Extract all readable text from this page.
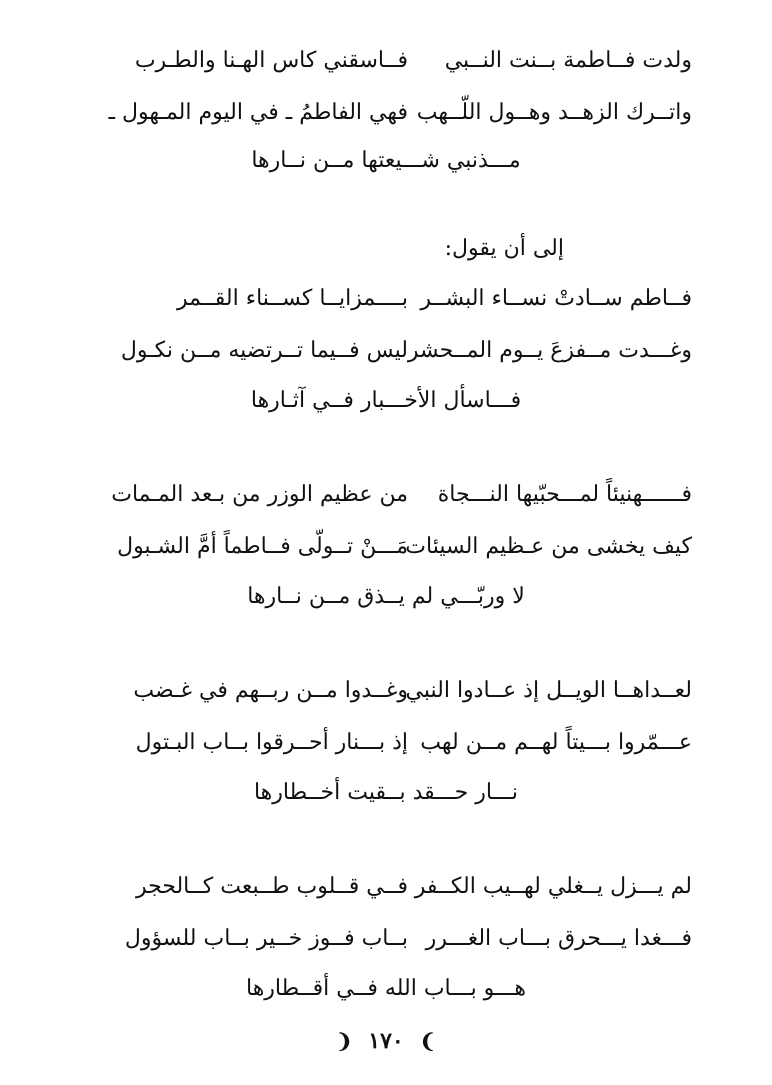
ولدت فــاطمة بــنت النــبي
فــاسقني كاس الهـنا والطـرب
واتــرك الزهــد وهــول اللّــهب
فهي الفاطمُ ـ في اليوم المـهول ـ
مـــذنبي شـــيعتها مــن نــارها
إلى أن يقول:
فــاطم ســادتْ نســاء البشــر
بــــمزايــا كســناء القــمر
وغـــدت مــفزعَ يــوم المــحشر
ليس فــيما تــرتضيه مــن نكـول
فـــاسأل الأخـــبار فــي آثـارها
فــــــهنيئاً لمـــحبّيها النـــجاة
من عظيم الوزر من بـعد المـمات
كيف يخشى من عـظيم السيئات
مَـــنْ تــولّى فــاطماً أمَّ الشـبول
لا وربّـــي لم يــذق مــن نــارها
لعــداهــا الويــل إذ عــادوا النبي
وغــدوا مــن ربــهم في غـضب
عـــمّروا بـــيتاً لهــم مــن لهب
إذ بـــنار أحــرقوا بــاب البـتول
نـــار حـــقد بــقيت أخــطارها
لم يـــزل يــغلي لهــيب الكــفر
فــي قــلوب طــبعت كــالحجر
فـــغدا يـــحرق بـــاب الغـــرر
بــاب فــوز خــير بــاب للسؤول
هـــو بـــاب الله فــي أقــطارها
❩ ١٧٠ ❨
